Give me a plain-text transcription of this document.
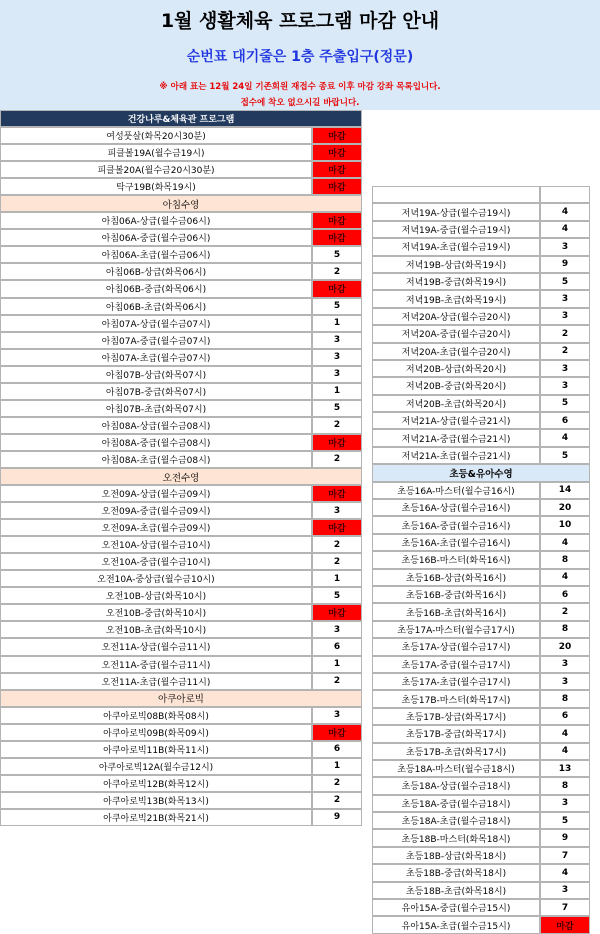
1월 생활체육 프로그램 마감 안내
순번표 대기줄은 1층 주출입구(정문)
※ 아래 표는 12월 24일 기존회원 재접수 종료 이후 마감 강좌 목록입니다.
접수에 착오 없으시길 바랍니다.
건강나루&체육관 프로그램
여성풋살(화목20시30분)	마감
피클볼19A(월수금19시)	마감
피클볼20A(월수금20시30분)	마감
탁구19B(화목19시)	마감
아침수영
아침06A-상급(월수금06시)	마감
아침06A-중급(월수금06시)	마감
아침06A-초급(월수금06시)	5
아침06B-상급(화목06시)	2
아침06B-중급(화목06시)	마감
아침06B-초급(화목06시)	5
아침07A-상급(월수금07시)	1
아침07A-중급(월수금07시)	3
아침07A-초급(월수금07시)	3
아침07B-상급(화목07시)	3
아침07B-중급(화목07시)	1
아침07B-초급(화목07시)	5
아침08A-상급(월수금08시)	2
아침08A-중급(월수금08시)	마감
아침08A-초급(월수금08시)	2
오전수영
오전09A-상급(월수금09시)	마감
오전09A-중급(월수금09시)	3
오전09A-초급(월수금09시)	마감
오전10A-상급(월수금10시)	2
오전10A-중급(월수금10시)	2
오전10A-중상급(월수금10시)	1
오전10B-상급(화목10시)	5
오전10B-중급(화목10시)	마감
오전10B-초급(화목10시)	3
오전11A-상급(월수금11시)	6
오전11A-중급(월수금11시)	1
오전11A-초급(월수금11시)	2
아쿠아로빅
아쿠아로빅08B(화목08시)	3
아쿠아로빅09B(화목09시)	마감
아쿠아로빅11B(화목11시)	6
아쿠아로빅12A(월수금12시)	1
아쿠아로빅12B(화목12시)	2
아쿠아로빅13B(화목13시)	2
아쿠아로빅21B(화목21시)	9
저녁19A-상급(월수금19시)	4
저녁19A-중급(월수금19시)	4
저녁19A-초급(월수금19시)	3
저녁19B-상급(화목19시)	9
저녁19B-중급(화목19시)	5
저녁19B-초급(화목19시)	3
저녁20A-상급(월수금20시)	3
저녁20A-중급(월수금20시)	2
저녁20A-초급(월수금20시)	2
저녁20B-상급(화목20시)	3
저녁20B-중급(화목20시)	3
저녁20B-초급(화목20시)	5
저녁21A-상급(월수금21시)	6
저녁21A-중급(월수금21시)	4
저녁21A-초급(월수금21시)	5
초등&유아수영
초등16A-마스터(월수금16시)	14
초등16A-상급(월수금16시)	20
초등16A-중급(월수금16시)	10
초등16A-초급(월수금16시)	4
초등16B-마스터(화목16시)	8
초등16B-상급(화목16시)	4
초등16B-중급(화목16시)	6
초등16B-초급(화목16시)	2
초등17A-마스터(월수금17시)	8
초등17A-상급(월수금17시)	20
초등17A-중급(월수금17시)	3
초등17A-초급(월수금17시)	3
초등17B-마스터(화목17시)	8
초등17B-상급(화목17시)	6
초등17B-중급(화목17시)	4
초등17B-초급(화목17시)	4
초등18A-마스터(월수금18시)	13
초등18A-상급(월수금18시)	8
초등18A-중급(월수금18시)	3
초등18A-초급(월수금18시)	5
초등18B-마스터(화목18시)	9
초등18B-상급(화목18시)	7
초등18B-중급(화목18시)	4
초등18B-초급(화목18시)	3
유아15A-중급(월수금15시)	7
유아15A-초급(월수금15시)	마감
